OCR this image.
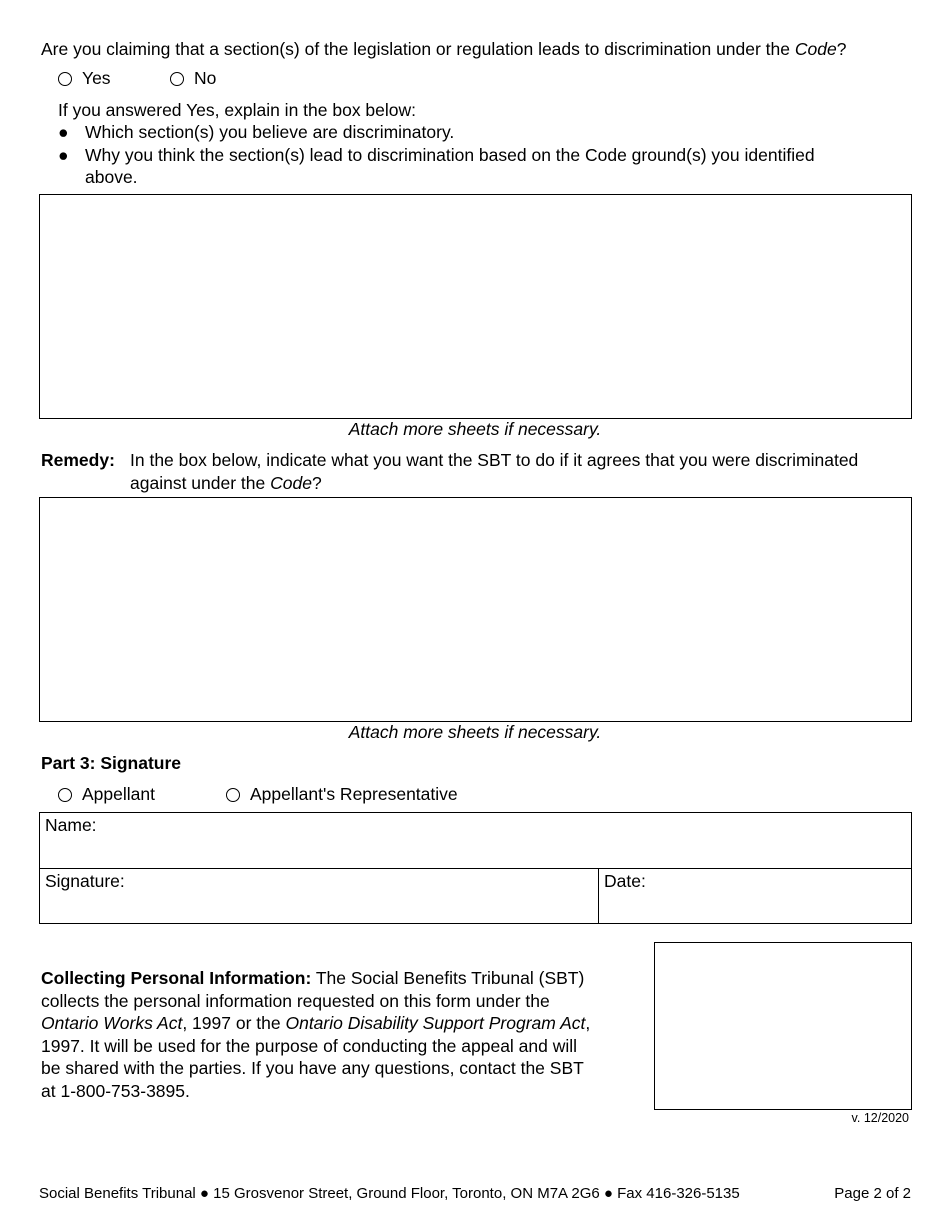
Are you claiming that a section(s) of the legislation or regulation leads to discrimination under the Code?
Yes	No
If you answered Yes, explain in the box below:
● Which section(s) you believe are discriminatory.
● Why you think the section(s) lead to discrimination based on the Code ground(s) you identified
above.
Attach more sheets if necessary.
Remedy: In the box below, indicate what you want the SBT to do if it agrees that you were discriminated
against under the Code?
Attach more sheets if necessary.
Part 3: Signature
Appellant	Appellant's Representative
Name:
Signature:	Date:
Collecting Personal Information: The Social Benefits Tribunal (SBT)
collects the personal information requested on this form under the
Ontario Works Act, 1997 or the Ontario Disability Support Program Act,
1997. It will be used for the purpose of conducting the appeal and will
be shared with the parties. If you have any questions, contact the SBT
at 1-800-753-3895.
v. 12/2020
Social Benefits Tribunal ● 15 Grosvenor Street, Ground Floor, Toronto, ON M7A 2G6 ● Fax 416-326-5135	Page 2 of 2
